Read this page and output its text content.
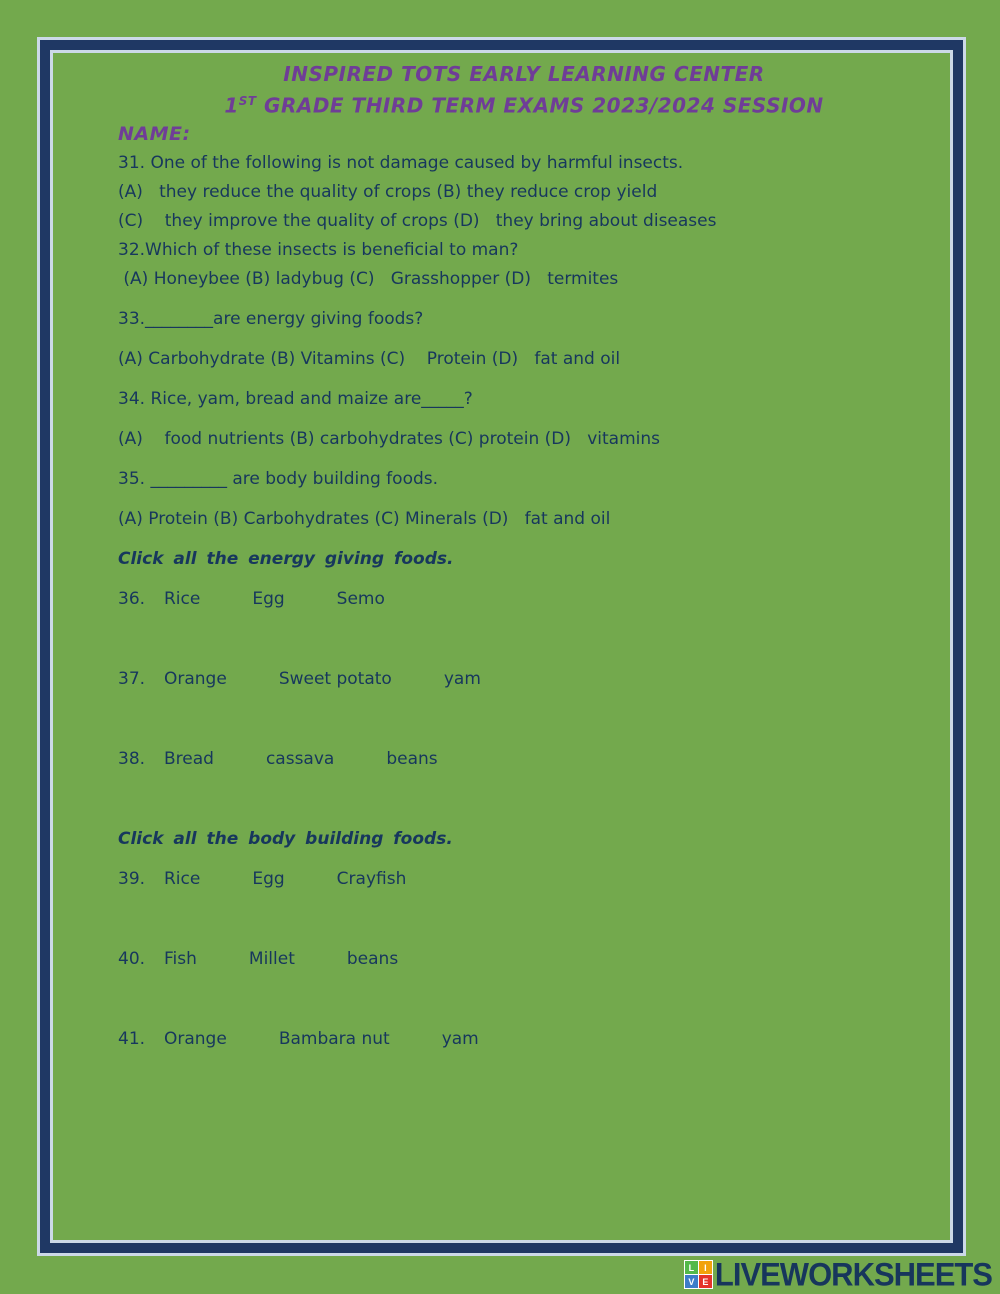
INSPIRED TOTS EARLY LEARNING CENTER
1ST GRADE THIRD TERM EXAMS 2023/2024 SESSION
NAME:
31. One of the following is not damage caused by harmful insects.
(A)   they reduce the quality of crops (B) they reduce crop yield
(C)    they improve the quality of crops (D)   they bring about diseases
32.Which of these insects is beneficial to man?
(A) Honeybee (B) ladybug (C)   Grasshopper (D)   termites
33.________are energy giving foods?
(A) Carbohydrate (B) Vitamins (C)    Protein (D)   fat and oil
34. Rice, yam, bread and maize are_____?
(A)    food nutrients (B) carbohydrates (C) protein (D)   vitamins
35. _________ are body building foods.
(A) Protein (B) Carbohydrates (C) Minerals (D)   fat and oil
Click all the energy giving foods.
36.	Rice	Egg	Semo
37.	Orange	Sweet potato	yam
38.	Bread	cassava	beans
Click all the body building foods.
39.	Rice	Egg	Crayfish
40.	Fish	Millet	beans
41.	Orange	Bambara nut	yam
L	I
V E LIVEWORKSHEETS
